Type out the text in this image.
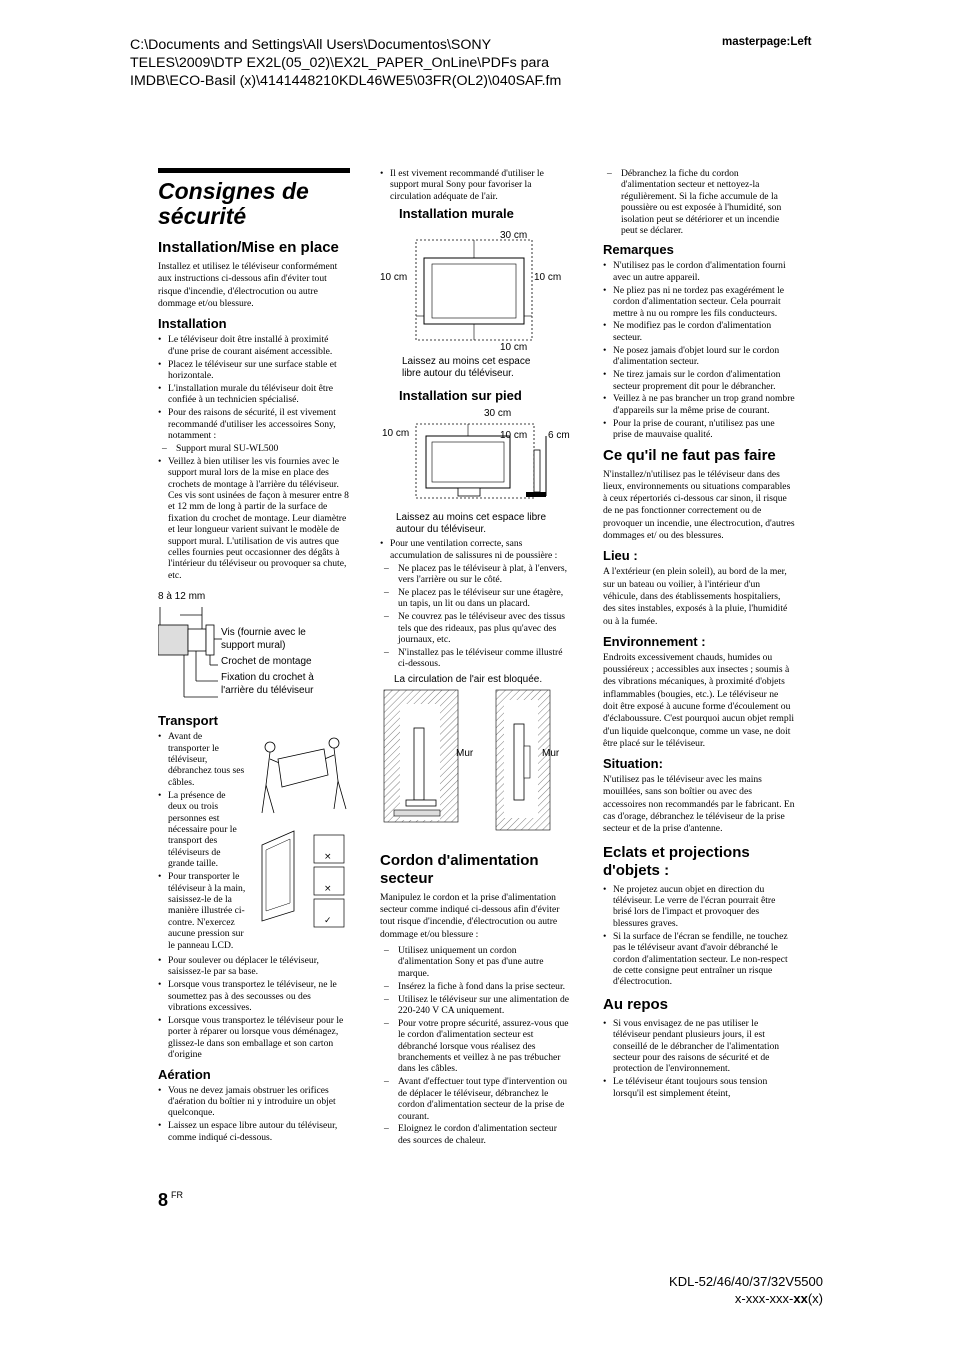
C:\Documents and Settings\All Users\Documentos\SONY
TELES\2009\DTP EX2L(05_02)\EX2L_PAPER_OnLine\PDFs para
IMDB\ECO-Basil (x)\4141448210KDL46WE5\03FR(OL2)\040SAF.fm
masterpage:Left
Consignes de sécurité
Installation/Mise en place

Installez et utilisez le téléviseur conformément aux instructions ci-dessous afin d'éviter tout risque d'incendie, d'électrocution ou autre dommage et/ou blessure.

Installation
• Le téléviseur doit être installé à proximité d'une prise de courant aisément accessible.
• Placez le téléviseur sur une surface stable et horizontale.
• L'installation murale du téléviseur doit être confiée à un technicien spécialisé.
• Pour des raisons de sécurité, il est vivement recommandé d'utiliser les accessoires Sony, notamment :
– Support mural SU-WL500
• Veillez à bien utiliser les vis fournies avec le support mural lors de la mise en place des crochets de montage à l'arrière du téléviseur. Ces vis sont usinées de façon à mesurer entre 8 et 12 mm de long à partir de la surface de fixation du crochet de montage. Leur diamètre et leur longueur varient suivant le modèle de support mural. L'utilisation de vis autres que celles fournies peut occasionner des dégâts à l'intérieur du téléviseur ou provoquer sa chute, etc.
8 à 12 mm
Vis (fournie avec le
support mural)
Crochet de montage
Fixation du crochet à
l'arrière du téléviseur
Transport
×
×
✓
• Avant de transporter le téléviseur, débranchez tous ses câbles.
• La présence de deux ou trois personnes est nécessaire pour le transport des téléviseurs de grande taille.
• Pour transporter le téléviseur à la main, saisissez-le de la manière illustrée ci-contre. N'exercez aucune pression sur le panneau LCD.
• Pour soulever ou déplacer le téléviseur, saisissez-le par sa base.
• Lorsque vous transportez le téléviseur, ne le soumettez pas à des secousses ou des vibrations excessives.
• Lorsque vous transportez le téléviseur pour le porter à réparer ou lorsque vous déménagez, glissez-le dans son emballage et son carton d'origine
Aération
• Vous ne devez jamais obstruer les orifices d'aération du boîtier ni y introduire un objet quelconque.
• Laissez un espace libre autour du téléviseur, comme indiqué ci-dessous.
• Il est vivement recommandé d'utiliser le support mural Sony pour favoriser la circulation adéquate de l'air.
Installation murale
30 cm
10 cm	10 cm
10 cm
Laissez au moins cet espace
libre autour du téléviseur.
Installation sur pied
30 cm
10 cm	10 cm 6 cm
Laissez au moins cet espace libre
autour du téléviseur.
• Pour une ventilation correcte, sans accumulation de salissures ni de poussière :
– Ne placez pas le téléviseur à plat, à l'envers, vers l'arrière ou sur le côté.
– Ne placez pas le téléviseur sur une étagère, un tapis, un lit ou dans un placard.
– Ne couvrez pas le téléviseur avec des tissus tels que des rideaux, pas plus qu'avec des journaux, etc.
– N'installez pas le téléviseur comme illustré ci-dessous.
La circulation de l'air est bloquée.
Mur	Mur
Cordon d'alimentation secteur

Manipulez le cordon et la prise d'alimentation secteur comme indiqué ci-dessous afin d'éviter tout risque d'incendie, d'électrocution ou autre dommage et/ou blessure :

– Utilisez uniquement un cordon d'alimentation Sony et pas d'une autre marque.
– Insérez la fiche à fond dans la prise secteur.
– Utilisez le téléviseur sur une alimentation de 220-240 V CA uniquement.
– Pour votre propre sécurité, assurez-vous que le cordon d'alimentation secteur est débranché lorsque vous réalisez des branchements et veillez à ne pas trébucher dans les câbles.
– Avant d'effectuer tout type d'intervention ou de déplacer le téléviseur, débranchez le cordon d'alimentation secteur de la prise de courant.
– Eloignez le cordon d'alimentation secteur des sources de chaleur.
– Débranchez la fiche du cordon d'alimentation secteur et nettoyez-la régulièrement. Si la fiche accumule de la poussière ou est exposée à l'humidité, son isolation peut se détériorer et un incendie peut se déclarer.
Remarques
• N'utilisez pas le cordon d'alimentation fourni avec un autre appareil.
• Ne pliez pas ni ne tordez pas exagérément le cordon d'alimentation secteur. Cela pourrait mettre à nu ou rompre les fils conducteurs.
• Ne modifiez pas le cordon d'alimentation secteur.
• Ne posez jamais d'objet lourd sur le cordon d'alimentation secteur.
• Ne tirez jamais sur le cordon d'alimentation secteur proprement dit pour le débrancher.
• Veillez à ne pas brancher un trop grand nombre d'appareils sur la même prise de courant.
• Pour la prise de courant, n'utilisez pas une prise de mauvaise qualité.
Ce qu'il ne faut pas faire

N'installez/n'utilisez pas le téléviseur dans des lieux, environnements ou situations comparables à ceux répertoriés ci-dessous car sinon, il risque de ne pas fonctionner correctement ou de provoquer un incendie, une électrocution, d'autres dommages et/ ou des blessures.

Lieu :

A l'extérieur (en plein soleil), au bord de la mer, sur un bateau ou voilier, à l'intérieur d'un véhicule, dans des établissements hospitaliers, des sites instables, exposés à la pluie, l'humidité ou à la fumée.

Environnement :

Endroits excessivement chauds, humides ou poussiéreux ; accessibles aux insectes ; soumis à des vibrations mécaniques, à proximité d'objets inflammables (bougies, etc.). Le téléviseur ne doit être exposé à aucune forme d'écoulement ou d'éclaboussure. C'est pourquoi aucun objet rempli d'un liquide quelconque, comme un vase, ne doit être placé sur le téléviseur.

Situation:

N'utilisez pas le téléviseur avec les mains mouillées, sans son boîtier ou avec des accessoires non recommandés par le fabricant. En cas d'orage, débranchez le téléviseur de la prise secteur et de la prise d'antenne.

Eclats et projections d'objets :
• Ne projetez aucun objet en direction du téléviseur. Le verre de l'écran pourrait être brisé lors de l'impact et provoquer des blessures graves.
• Si la surface de l'écran se fendille, ne touchez pas le téléviseur avant d'avoir débranché le cordon d'alimentation secteur. Le non-respect de cette consigne peut entraîner un risque d'électrocution.
Au repos
• Si vous envisagez de ne pas utiliser le téléviseur pendant plusieurs jours, il est conseillé de le débrancher de l'alimentation secteur pour des raisons de sécurité et de protection de l'environnement.
• Le téléviseur étant toujours sous tension lorsqu'il est simplement éteint,
8 $^{FR}$
KDL-52/46/40/37/32V5500
x-xxx-xxx-xx(x)
